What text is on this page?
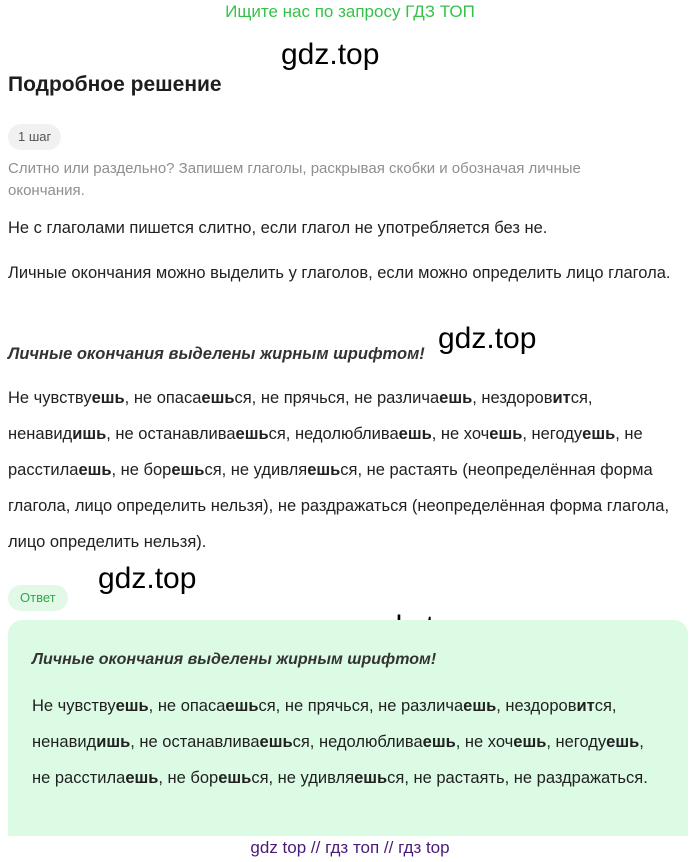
Ищите нас по запросу ГДЗ ТОП
gdz.top
gdz.top
gdz.top
Подробное решение
1 шаг
Слитно или раздельно? Запишем глаголы, раскрывая скобки и обозначая личные окончания.
Не с глаголами пишется слитно, если глагол не употребляется без не.
Личные окончания можно выделить у глаголов, если можно определить лицо глагола.
Личные окончания выделены жирным шрифтом!
Не чувствуешь, не опасаешься, не прячься, не различаешь, нездоровится, ненавидишь, не останавливаешься, недолюбливаешь, не хочешь, негодуешь, не расстилаешь, не борешься, не удивляешься, не растаять (неопределённая форма глагола, лицо определить нельзя), не раздражаться (неопределённая форма глагола, лицо определить нельзя).
Ответ
Личные окончания выделены жирным шрифтом!
Не чувствуешь, не опасаешься, не прячься, не различаешь, нездоровится, ненавидишь, не останавливаешься, недолюбливаешь, не хочешь, негодуешь, не расстилаешь, не борешься, не удивляешься, не растаять, не раздражаться.
gdz top // гдз топ // гдз top
